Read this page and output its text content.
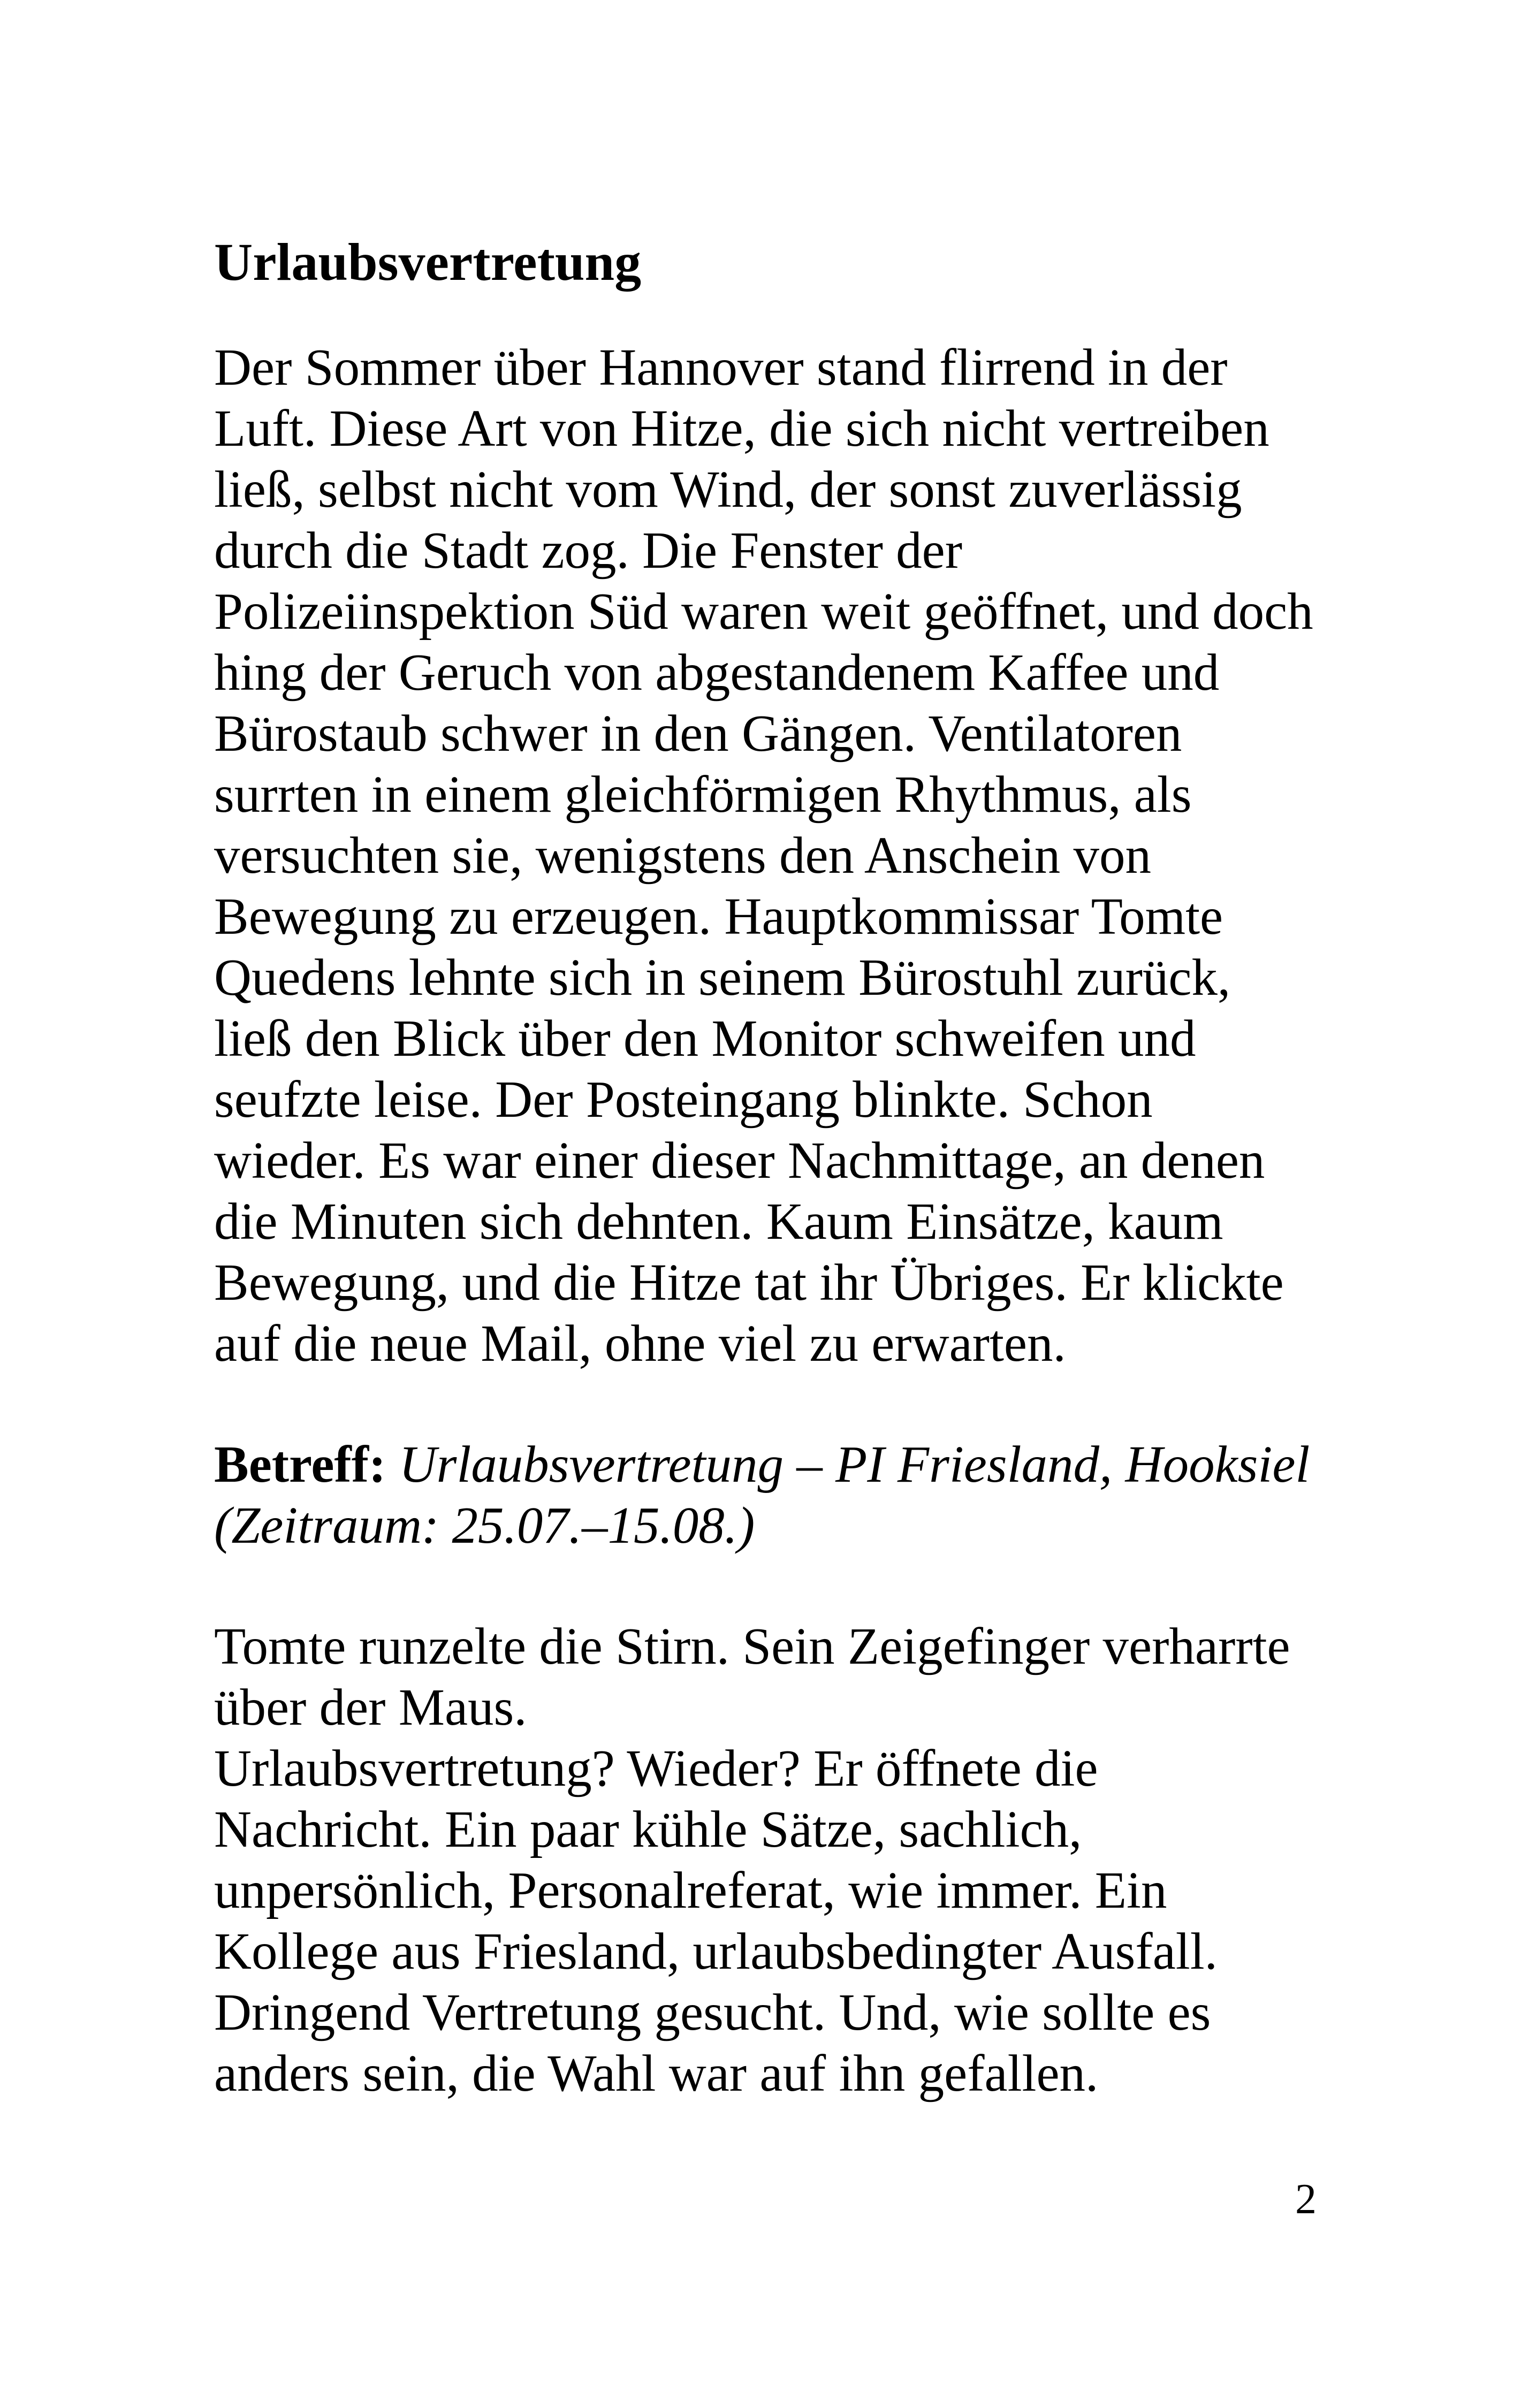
Urlaubsvertretung

Der Sommer über Hannover stand flirrend in der Luft. Diese Art von Hitze, die sich nicht vertreiben ließ, selbst nicht vom Wind, der sonst zuverlässig durch die Stadt zog. Die Fenster der Polizeiinspektion Süd waren weit geöffnet, und doch hing der Geruch von abgestandenem Kaffee und Bürostaub schwer in den Gängen. Ventilatoren surrten in einem gleichförmigen Rhythmus, als versuchten sie, wenigstens den Anschein von Bewegung zu erzeugen. Hauptkommissar Tomte Quedens lehnte sich in seinem Bürostuhl zurück, ließ den Blick über den Monitor schweifen und seufzte leise. Der Posteingang blinkte. Schon wieder. Es war einer dieser Nachmittage, an denen die Minuten sich dehnten. Kaum Einsätze, kaum Bewegung, und die Hitze tat ihr Übriges. Er klickte auf die neue Mail, ohne viel zu erwarten.

Betreff: Urlaubsvertretung – PI Friesland, Hooksiel (Zeitraum: 25.07.–15.08.)

Tomte runzelte die Stirn. Sein Zeigefinger verharrte über der Maus.
Urlaubsvertretung? Wieder? Er öffnete die Nachricht. Ein paar kühle Sätze, sachlich, unpersönlich, Personalreferat, wie immer. Ein Kollege aus Friesland, urlaubsbedingter Ausfall. Dringend Vertretung gesucht. Und, wie sollte es anders sein, die Wahl war auf ihn gefallen.

2
